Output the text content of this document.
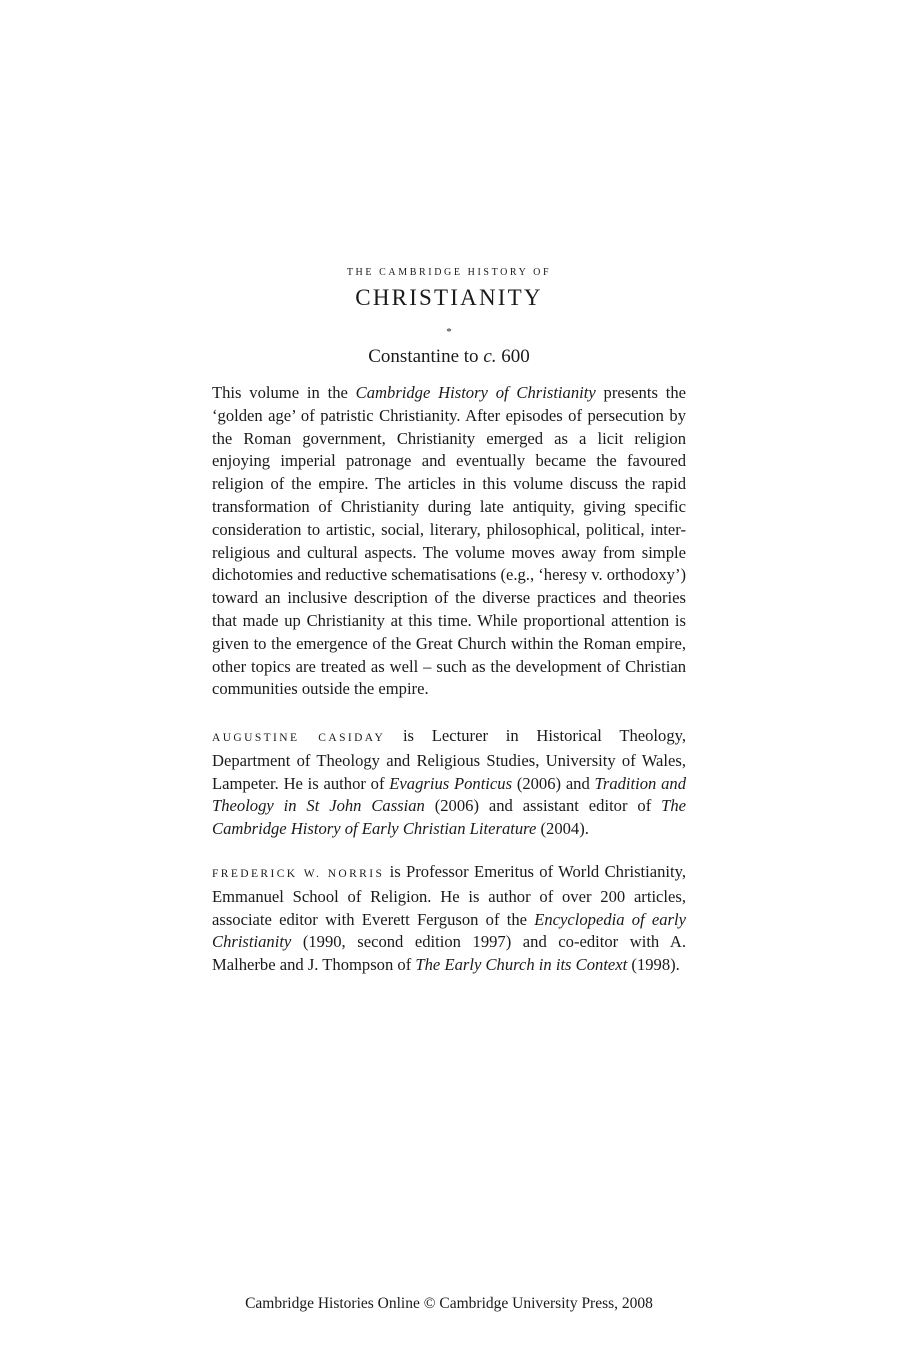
THE CAMBRIDGE HISTORY OF
CHRISTIANITY
*
Constantine to c. 600

This volume in the Cambridge History of Christianity presents the ‘golden age’ of patristic Christianity. After episodes of persecution by the Roman government, Christianity emerged as a licit religion enjoying imperial patronage and eventually became the favoured religion of the empire. The articles in this volume discuss the rapid transformation of Christianity during late antiquity, giving specific consideration to artistic, social, literary, philosophical, political, inter-religious and cultural aspects. The volume moves away from simple dichotomies and reductive schematisations (e.g., ‘heresy v. orthodoxy’) toward an inclusive description of the diverse practices and theories that made up Christianity at this time. While proportional attention is given to the emergence of the Great Church within the Roman empire, other topics are treated as well – such as the development of Christian communities outside the empire.

AUGUSTINE CASIDAY is Lecturer in Historical Theology, Department of Theology and Religious Studies, University of Wales, Lampeter. He is author of Evagrius Ponticus (2006) and Tradition and Theology in St John Cassian (2006) and assistant editor of The Cambridge History of Early Christian Literature (2004).

FREDERICK W. NORRIS is Professor Emeritus of World Christianity, Emmanuel School of Religion. He is author of over 200 articles, associate editor with Everett Ferguson of the Encyclopedia of early Christianity (1990, second edition 1997) and co-editor with A. Malherbe and J. Thompson of The Early Church in its Context (1998).

Cambridge Histories Online © Cambridge University Press, 2008
